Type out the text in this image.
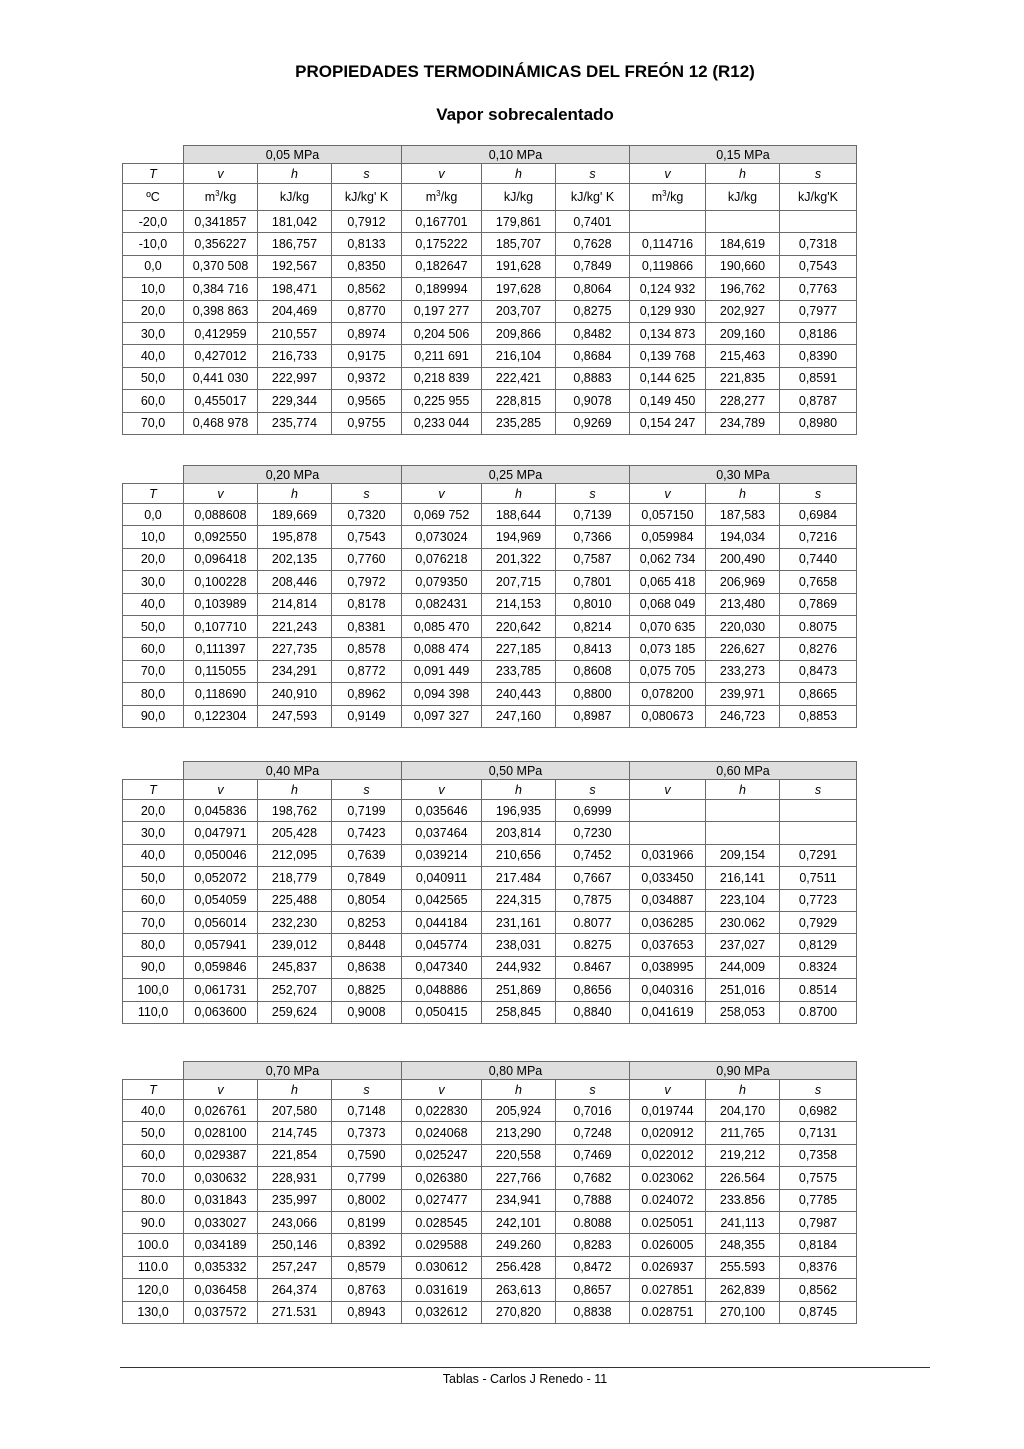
PROPIEDADES TERMODINÁMICAS DEL FREÓN 12 (R12)
Vapor sobrecalentado
	0,05 MPa			0,10 MPa			0,15 MPa		
T	v	h	s	v	h	s	v	h	s
ºC	$m^3/kg$	kJ/kg	kJ/kg' K	$m^3/kg$	kJ/kg	kJ/kg' K	$m^3/kg$	kJ/kg	kJ/kg'K
-20,0	0,341857	181,042	0,7912	0,167701	179,861	0,7401			
-10,0	0,356227	186,757	0,8133	0,175222	185,707	0,7628	0,114716	184,619	0,7318
0,0	0,370 508	192,567	0,8350	0,182647	191,628	0,7849	0,119866	190,660	0,7543
10,0	0,384 716	198,471	0,8562	0,189994	197,628	0,8064	0,124 932	196,762	0,7763
20,0	0,398 863	204,469	0,8770	0,197 277	203,707	0,8275	0,129 930	202,927	0,7977
30,0	0,412959	210,557	0,8974	0,204 506	209,866	0,8482	0,134 873	209,160	0,8186
40,0	0,427012	216,733	0,9175	0,211 691	216,104	0,8684	0,139 768	215,463	0,8390
50,0	0,441 030	222,997	0,9372	0,218 839	222,421	0,8883	0,144 625	221,835	0,8591
60,0	0,455017	229,344	0,9565	0,225 955	228,815	0,9078	0,149 450	228,277	0,8787
70,0	0,468 978	235,774	0,9755	0,233 044	235,285	0,9269	0,154 247	234,789	0,8980
	0,20 MPa			0,25 MPa			0,30 MPa		
T	v	h	s	v	h	s	v	h	s
0,0	0,088608	189,669	0,7320	0,069 752	188,644	0,7139	0,057150	187,583	0,6984
10,0	0,092550	195,878	0,7543	0,073024	194,969	0,7366	0,059984	194,034	0,7216
20,0	0,096418	202,135	0,7760	0,076218	201,322	0,7587	0,062 734	200,490	0,7440
30,0	0,100228	208,446	0,7972	0,079350	207,715	0,7801	0,065 418	206,969	0,7658
40,0	0,103989	214,814	0,8178	0,082431	214,153	0,8010	0,068 049	213,480	0,7869
50,0	0,107710	221,243	0,8381	0,085 470	220,642	0,8214	0,070 635	220,030	0.8075
60,0	0,111397	227,735	0,8578	0,088 474	227,185	0,8413	0,073 185	226,627	0,8276
70,0	0,115055	234,291	0,8772	0,091 449	233,785	0,8608	0,075 705	233,273	0,8473
80,0	0,118690	240,910	0,8962	0,094 398	240,443	0,8800	0,078200	239,971	0,8665
90,0	0,122304	247,593	0,9149	0,097 327	247,160	0,8987	0,080673	246,723	0,8853
	0,40 MPa			0,50 MPa			0,60 MPa		
T	v	h	s	v	h	s	v	h	s
20,0	0,045836	198,762	0,7199	0,035646	196,935	0,6999			
30,0	0,047971	205,428	0,7423	0,037464	203,814	0,7230			
40,0	0,050046	212,095	0,7639	0,039214	210,656	0,7452	0,031966	209,154	0,7291
50,0	0,052072	218,779	0,7849	0,040911	217.484	0,7667	0,033450	216,141	0,7511
60,0	0,054059	225,488	0,8054	0,042565	224,315	0,7875	0,034887	223,104	0,7723
70,0	0,056014	232,230	0,8253	0,044184	231,161	0.8077	0,036285	230.062	0,7929
80,0	0,057941	239,012	0,8448	0,045774	238,031	0.8275	0,037653	237,027	0,8129
90,0	0,059846	245,837	0,8638	0,047340	244,932	0.8467	0,038995	244,009	0.8324
100,0	0,061731	252,707	0,8825	0,048886	251,869	0,8656	0,040316	251,016	0.8514
110,0	0,063600	259,624	0,9008	0,050415	258,845	0,8840	0,041619	258,053	0.8700
	0,70 MPa			0,80 MPa			0,90 MPa		
T	v	h	s	v	h	s	v	h	s
40,0	0,026761	207,580	0,7148	0,022830	205,924	0,7016	0,019744	204,170	0,6982
50,0	0,028100	214,745	0,7373	0,024068	213,290	0,7248	0,020912	211,765	0,7131
60,0	0,029387	221,854	0,7590	0,025247	220,558	0,7469	0,022012	219,212	0,7358
70.0	0,030632	228,931	0,7799	0,026380	227,766	0,7682	0.023062	226.564	0,7575
80.0	0,031843	235,997	0,8002	0,027477	234,941	0,7888	0.024072	233.856	0,7785
90.0	0,033027	243,066	0,8199	0.028545	242,101	0.8088	0.025051	241,113	0,7987
100.0	0,034189	250,146	0,8392	0.029588	249.260	0,8283	0.026005	248,355	0,8184
110.0	0,035332	257,247	0,8579	0.030612	256.428	0,8472	0.026937	255.593	0,8376
120,0	0,036458	264,374	0,8763	0.031619	263,613	0,8657	0.027851	262,839	0,8562
130,0	0,037572	271.531	0,8943	0,032612	270,820	0,8838	0.028751	270,100	0,8745
Tablas - Carlos J Renedo - 11
